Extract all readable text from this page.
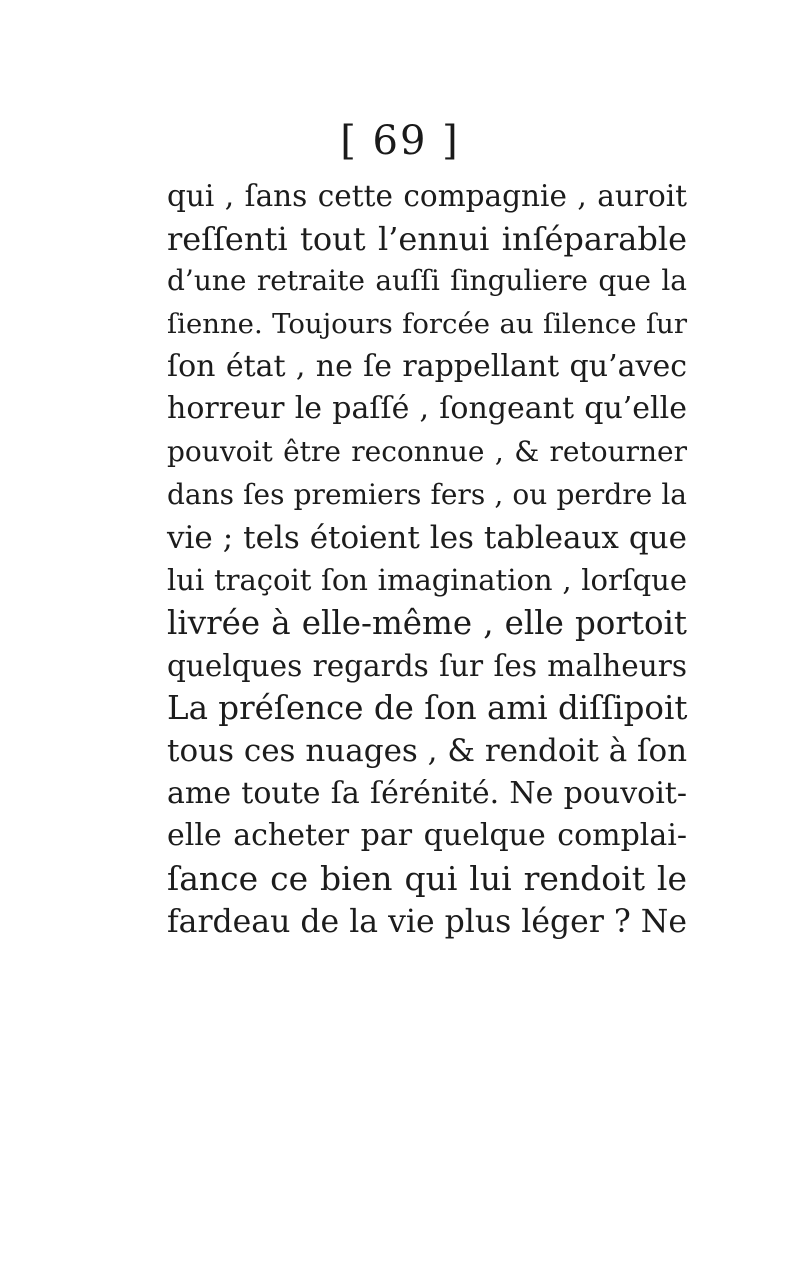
[ 69 ]
qui , ſans cette compagnie , auroit
reſſenti tout l’ennui inſéparable
d’une retraite auſſi ſinguliere que la
ſienne. Toujours forcée au ſilence ſur
ſon état , ne ſe rappellant qu’avec
horreur le paſſé , ſongeant qu’elle
pouvoit être reconnue , & retourner
dans ſes premiers fers , ou perdre la
vie ; tels étoient les tableaux que
lui traçoit ſon imagination , lorſque
livrée à elle-même , elle portoit
quelques regards ſur ſes malheurs
La préſence de ſon ami diſſipoit
tous ces nuages , & rendoit à ſon
ame toute ſa ſérénité. Ne pouvoit-
elle acheter par quelque complai-
ſance ce bien qui lui rendoit le
fardeau de la vie plus léger ? Ne
